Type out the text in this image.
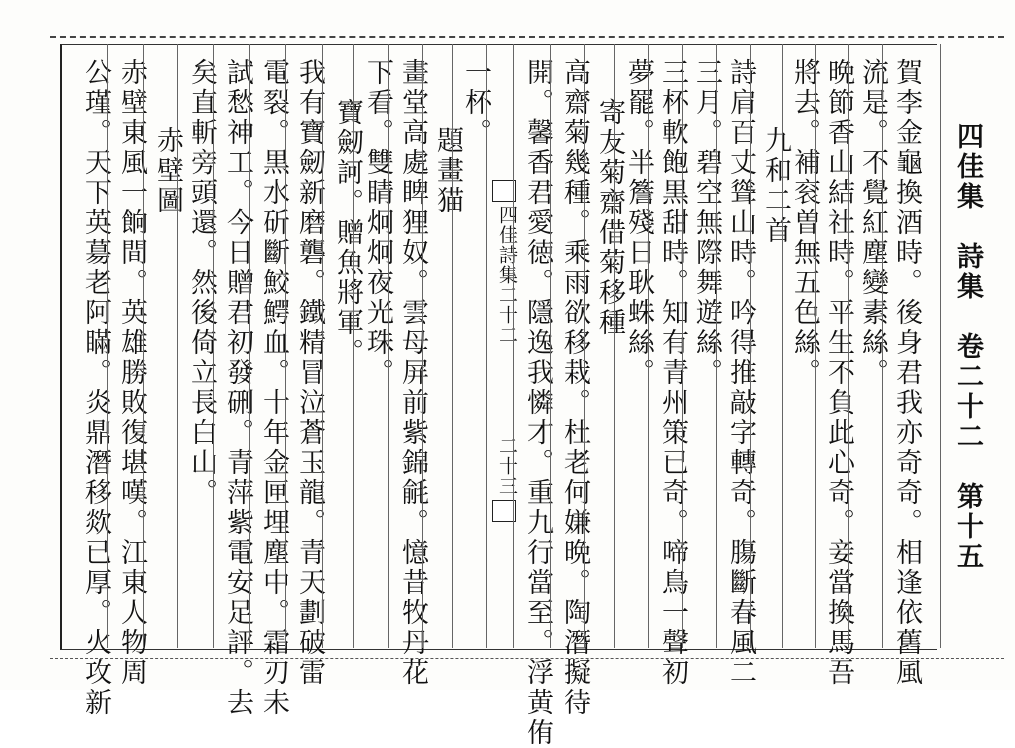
四佳集　詩集　卷二十二　第十五
賀李金龜換酒時。後身君我亦奇奇。相逢依舊風
流是。不覺紅塵變素絲。
晩節香山結社時。平生不負此心奇。妾當換馬吾
將去。補衮曽無五色絲。
九和二首
詩肩百丈聳山時。吟得推敲字轉奇。膓斷春風二
三月。碧空無際舞遊絲。
三杯軟飽黒甜時。知有青州策已奇。啼鳥一聲初
夢罷。半簷殘日耿蛛絲。
寄友菊齋借菊移種
高齋菊幾種。乘雨欲移栽。杜老何嫌晩。陶潛擬待
開。馨香君愛徳。隱逸我憐才。重九行當至。浮黄侑
四佳詩集二十二
二十三
一杯。
題畫猫
畫堂高處睥狸奴。雲母屏前紫錦毹。憶昔牧丹花
下看。雙睛炯炯夜光珠。
寶劒訶。贈魚將軍。
我有寶劒新磨礱。鐵精冒泣蒼玉龍。青天劃破雷
電裂。黒水斫斷鮫鰐血。十年金匣埋塵中。霜刃未
試愁神工。今日贈君初發硎。青萍紫電安足評。去
矣直斬旁頭還。然後倚立長白山。
赤壁圖
赤壁東風一餉間。英雄勝敗復堪嘆。江東人物周
公瑾。天下英𦳝老阿瞞。炎鼎潛移欻已厚。火攻新
